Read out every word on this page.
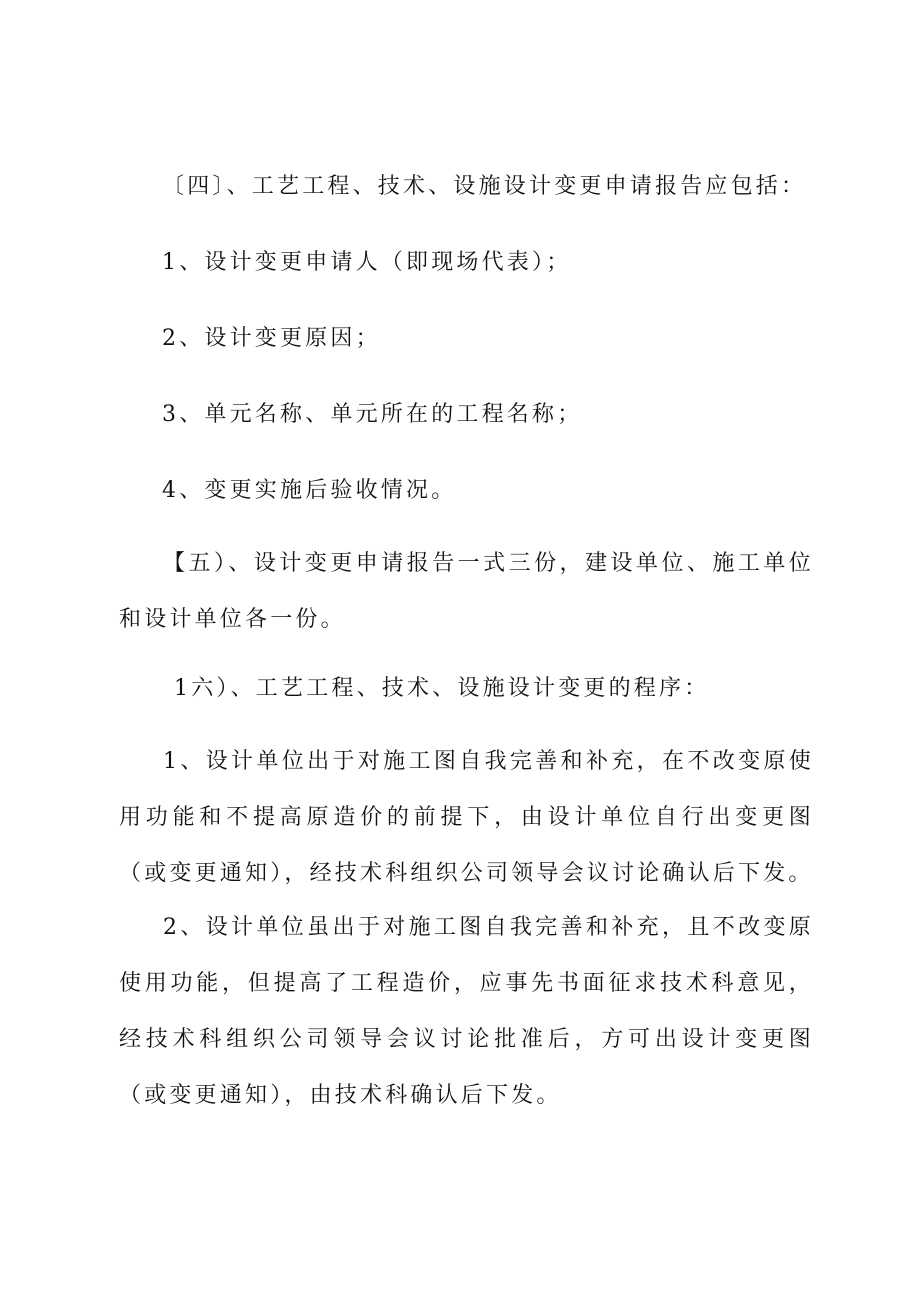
〔四〕、工艺工程、技术、设施设计变更申请报告应包括：
1、设计变更申请人（即现场代表）；
2、设计变更原因；
3、单元名称、单元所在的工程名称；
4、变更实施后验收情况。
【五）、设计变更申请报告一式三份，建设单位、施工单位和设计单位各一份。
1六）、工艺工程、技术、设施设计变更的程序：
1、设计单位出于对施工图自我完善和补充，在不改变原使用功能和不提高原造价的前提下，由设计单位自行出变更图（或变更通知），经技术科组织公司领导会议讨论确认后下发。
2、设计单位虽出于对施工图自我完善和补充，且不改变原使用功能，但提高了工程造价，应事先书面征求技术科意见，经技术科组织公司领导会议讨论批准后，方可出设计变更图（或变更通知），由技术科确认后下发。
